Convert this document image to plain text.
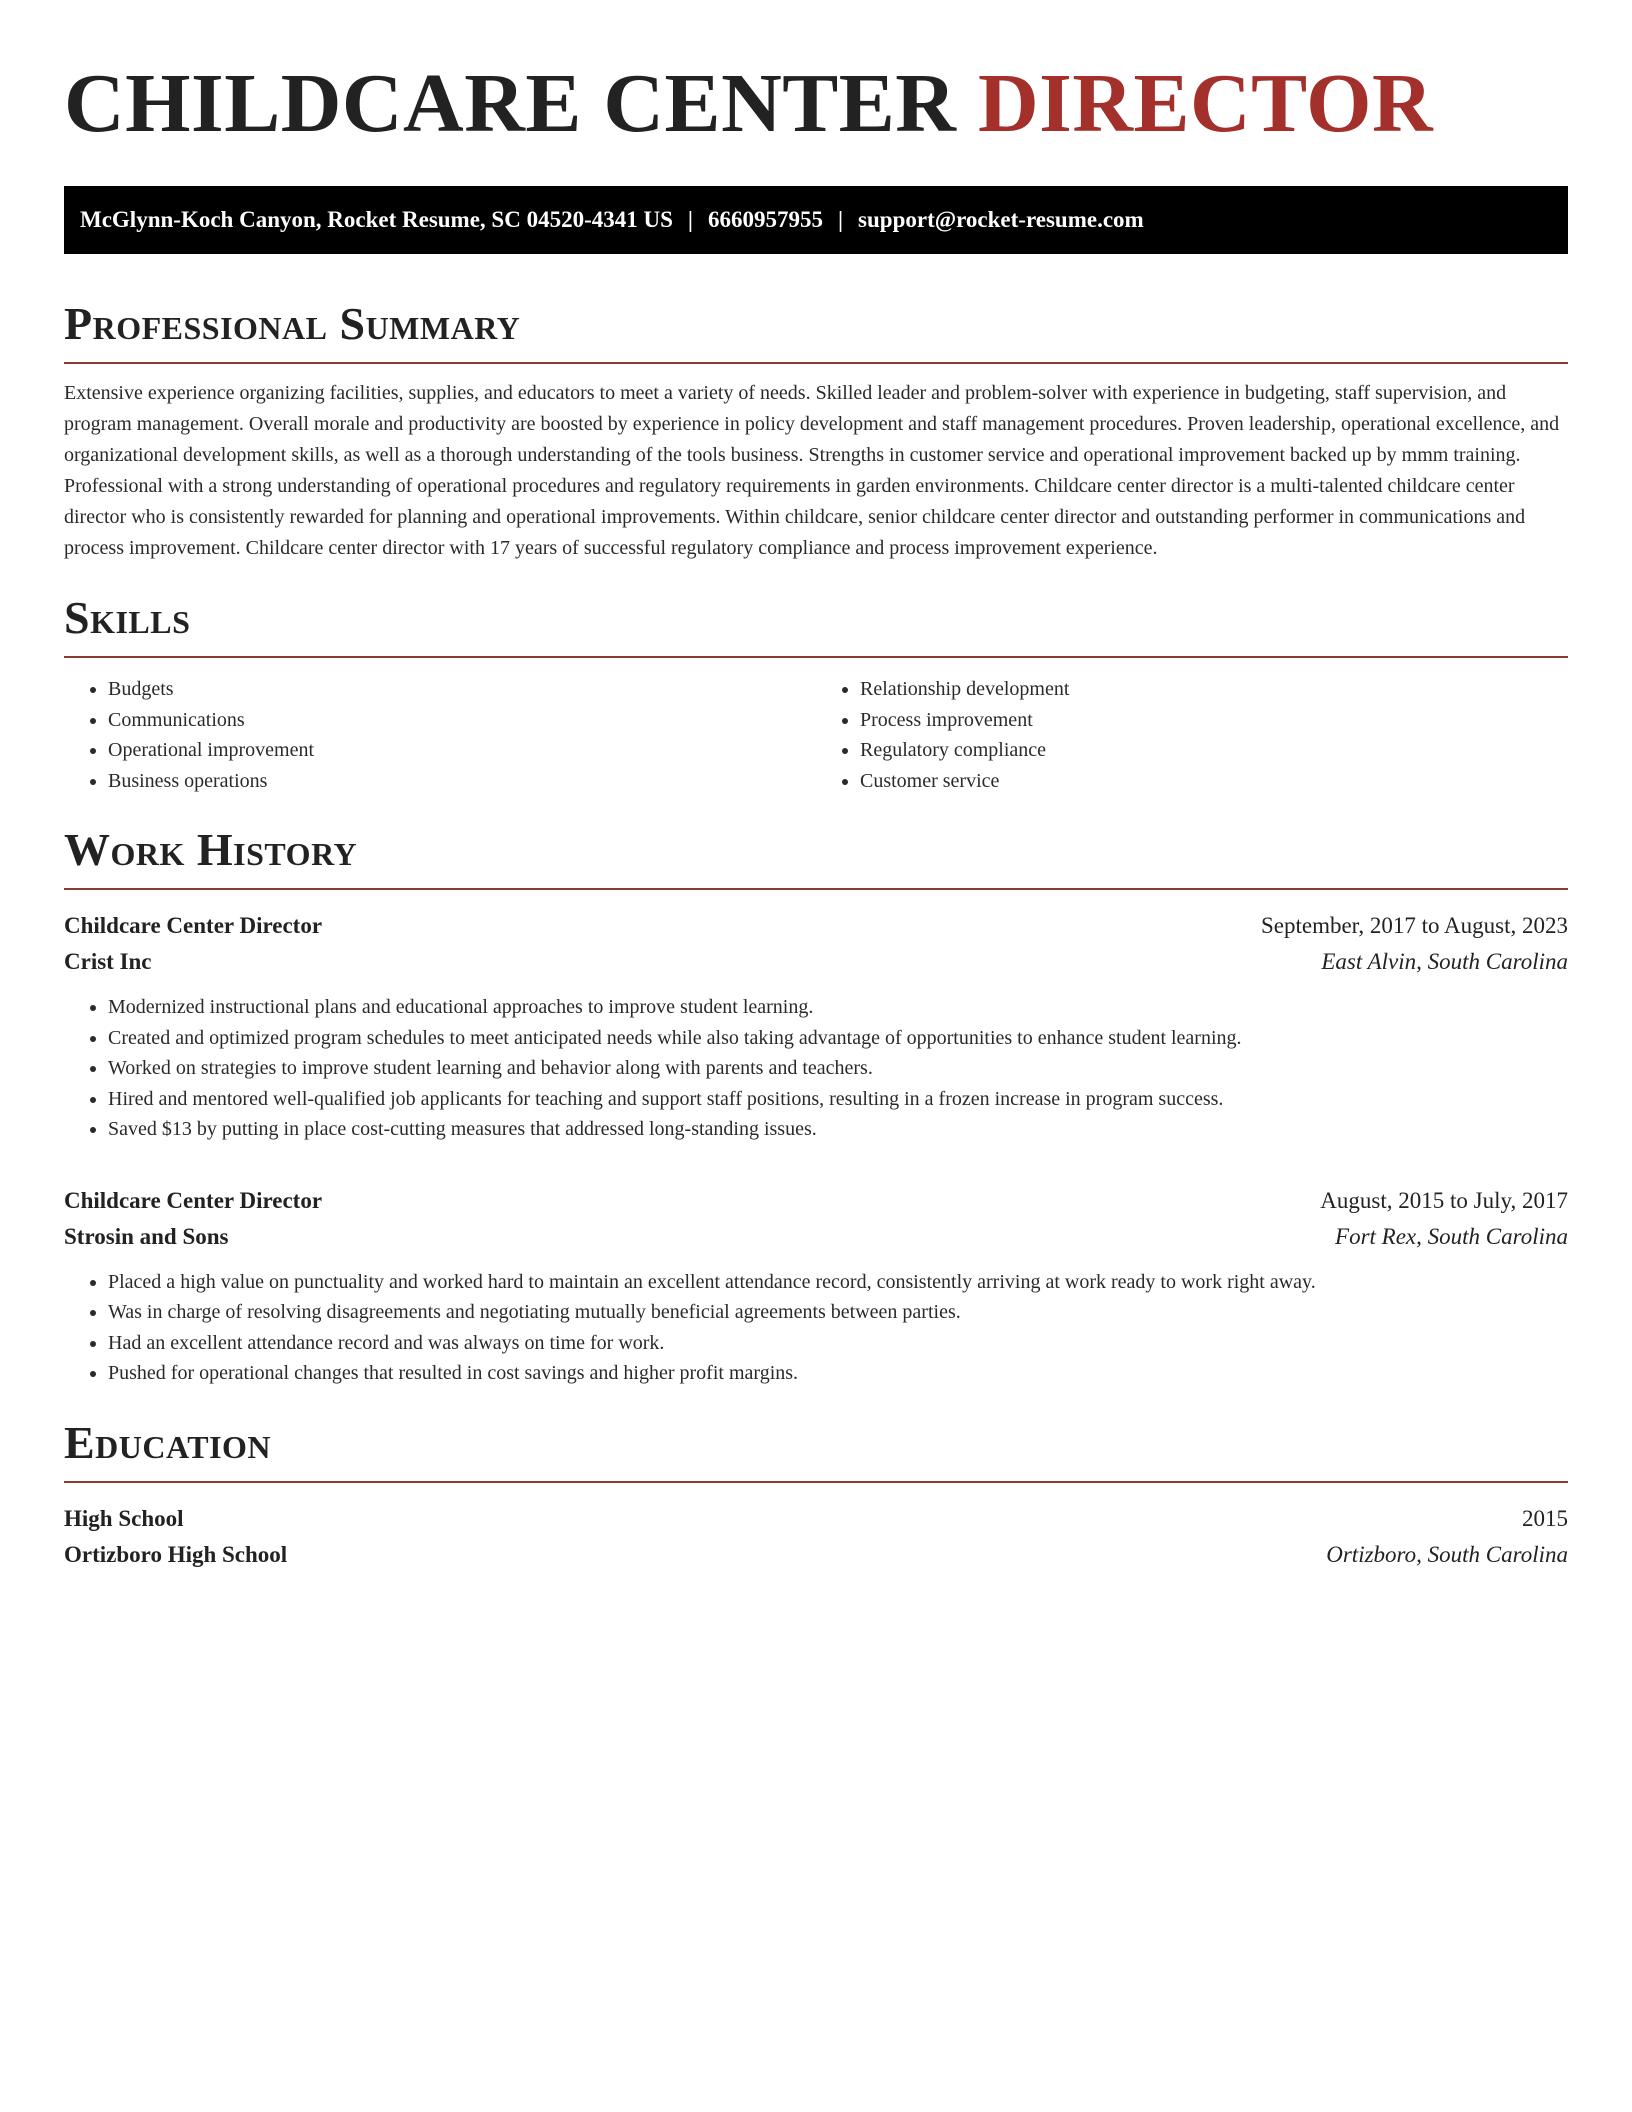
CHILDCARE CENTER DIRECTOR
McGlynn-Koch Canyon, Rocket Resume, SC 04520-4341 US | 6660957955 | support@rocket-resume.com
Professional Summary

Extensive experience organizing facilities, supplies, and educators to meet a variety of needs. Skilled leader and problem-solver with experience in budgeting, staff supervision, and program management. Overall morale and productivity are boosted by experience in policy development and staff management procedures. Proven leadership, operational excellence, and organizational development skills, as well as a thorough understanding of the tools business. Strengths in customer service and operational improvement backed up by mmm training. Professional with a strong understanding of operational procedures and regulatory requirements in garden environments. Childcare center director is a multi-talented childcare center director who is consistently rewarded for planning and operational improvements. Within childcare, senior childcare center director and outstanding performer in communications and process improvement. Childcare center director with 17 years of successful regulatory compliance and process improvement experience.

Skills
• Budgets
• Communications
• Operational improvement
• Business operations
• Relationship development
• Process improvement
• Regulatory compliance
• Customer service
Work History
Childcare Center Director	September, 2017 to August, 2023
Crist Inc	East Alvin, South Carolina
• Modernized instructional plans and educational approaches to improve student learning.
• Created and optimized program schedules to meet anticipated needs while also taking advantage of opportunities to enhance student learning.
• Worked on strategies to improve student learning and behavior along with parents and teachers.
• Hired and mentored well-qualified job applicants for teaching and support staff positions, resulting in a frozen increase in program success.
• Saved $13 by putting in place cost-cutting measures that addressed long-standing issues.
Childcare Center Director	August, 2015 to July, 2017
Strosin and Sons	Fort Rex, South Carolina
• Placed a high value on punctuality and worked hard to maintain an excellent attendance record, consistently arriving at work ready to work right away.
• Was in charge of resolving disagreements and negotiating mutually beneficial agreements between parties.
• Had an excellent attendance record and was always on time for work.
• Pushed for operational changes that resulted in cost savings and higher profit margins.
Education
High School	2015
Ortizboro High School	Ortizboro, South Carolina
